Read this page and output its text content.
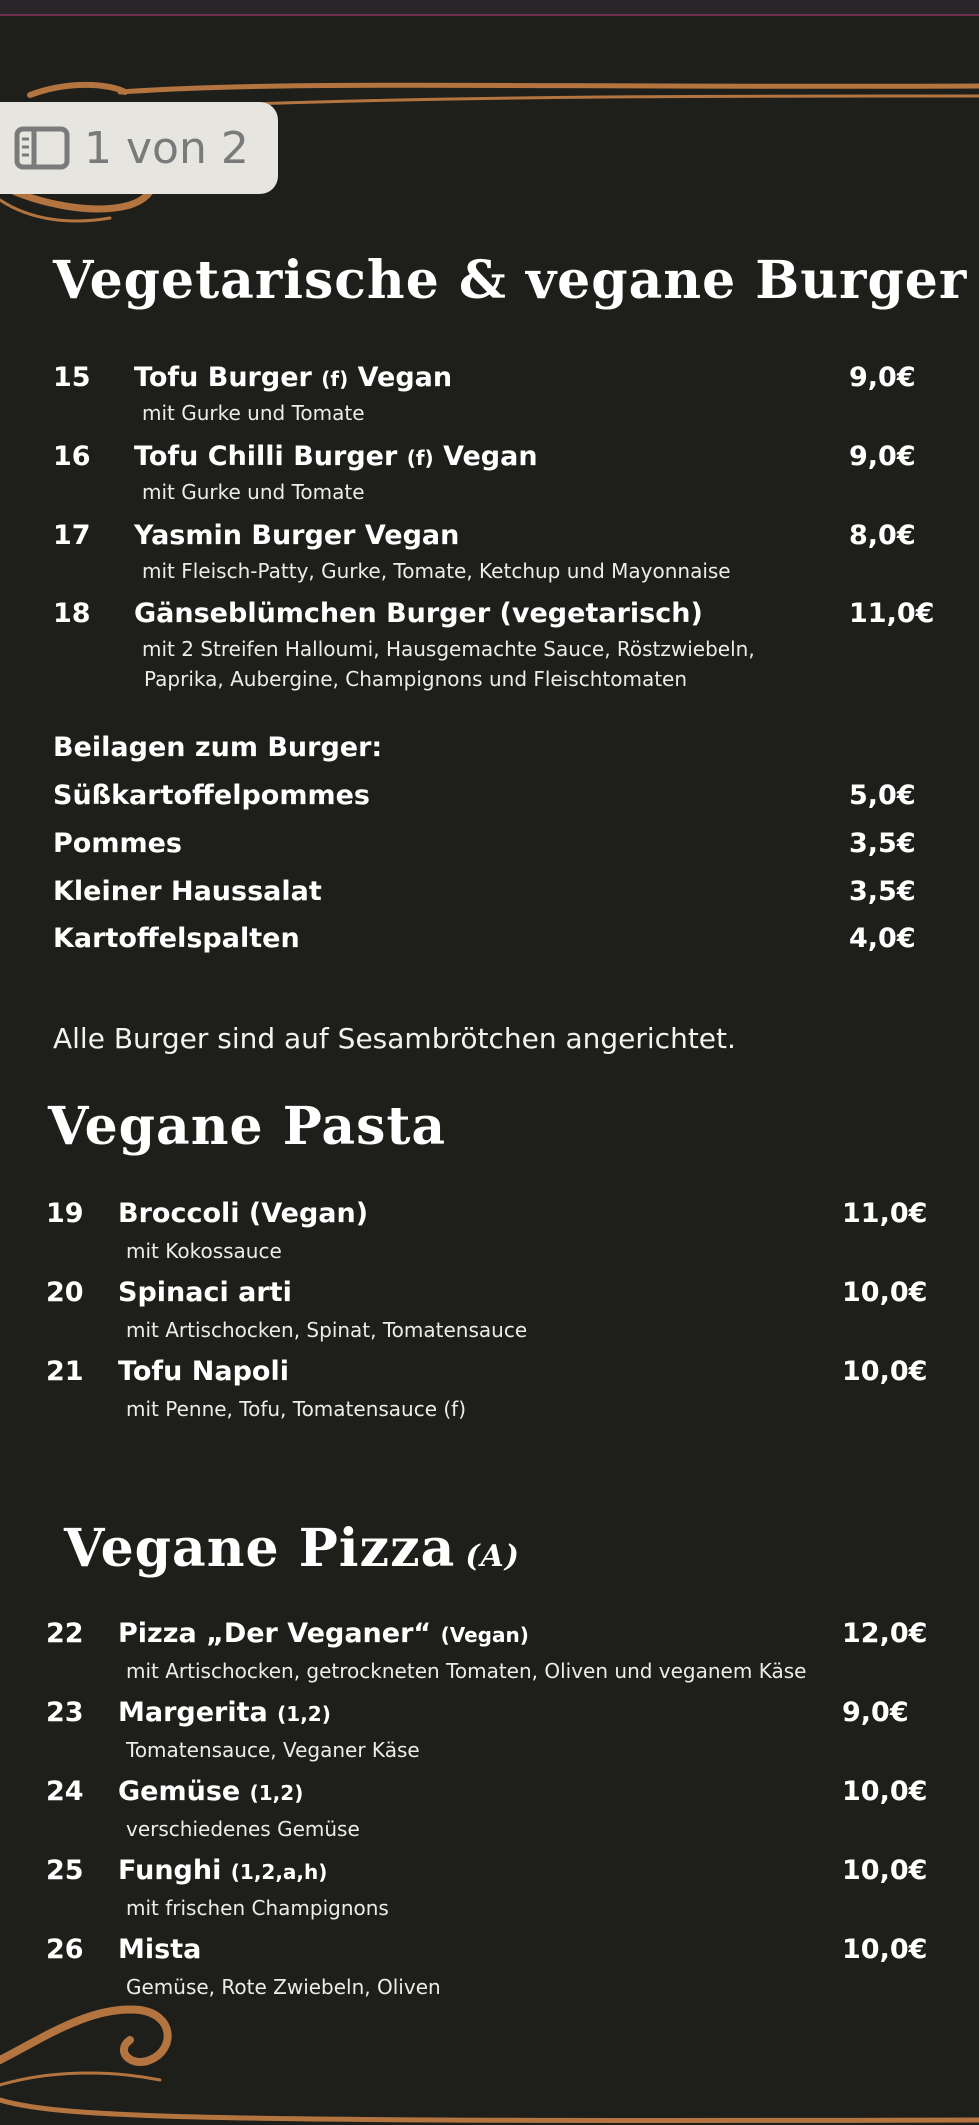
1 von 2
Vegetarische & vegane Burger
15 Tofu Burger (f) Vegan
mit Gurke und Tomate
9,0€
16 Tofu Chilli Burger (f) Vegan
mit Gurke und Tomate
9,0€
17 Yasmin Burger Vegan
mit Fleisch-Patty, Gurke, Tomate, Ketchup und Mayonnaise
8,0€
18 Gänseblümchen Burger (vegetarisch)
mit 2 Streifen Halloumi, Hausgemachte Sauce, Röstzwiebeln,
Paprika, Aubergine, Champignons und Fleischtomaten
11,0€
Beilagen zum Burger:
Süßkartoffelpommes	5,0€
Pommes	3,5€
Kleiner Haussalat	3,5€
Kartoffelspalten	4,0€
Alle Burger sind auf Sesambrötchen angerichtet.
Vegane Pasta
19 Broccoli (Vegan)
mit Kokossauce
11,0€
20 Spinaci arti
mit Artischocken, Spinat, Tomatensauce
10,0€
21 Tofu Napoli
mit Penne, Tofu, Tomatensauce (f)
10,0€
Vegane Pizza (A)
22 Pizza „Der Veganer“ (Vegan)
mit Artischocken, getrockneten Tomaten, Oliven und veganem Käse
12,0€
23 Margerita (1,2)
Tomatensauce, Veganer Käse
9,0€
24 Gemüse (1,2)
verschiedenes Gemüse
10,0€
25 Funghi (1,2,a,h)
mit frischen Champignons
10,0€
26 Mista
Gemüse, Rote Zwiebeln, Oliven
10,0€
